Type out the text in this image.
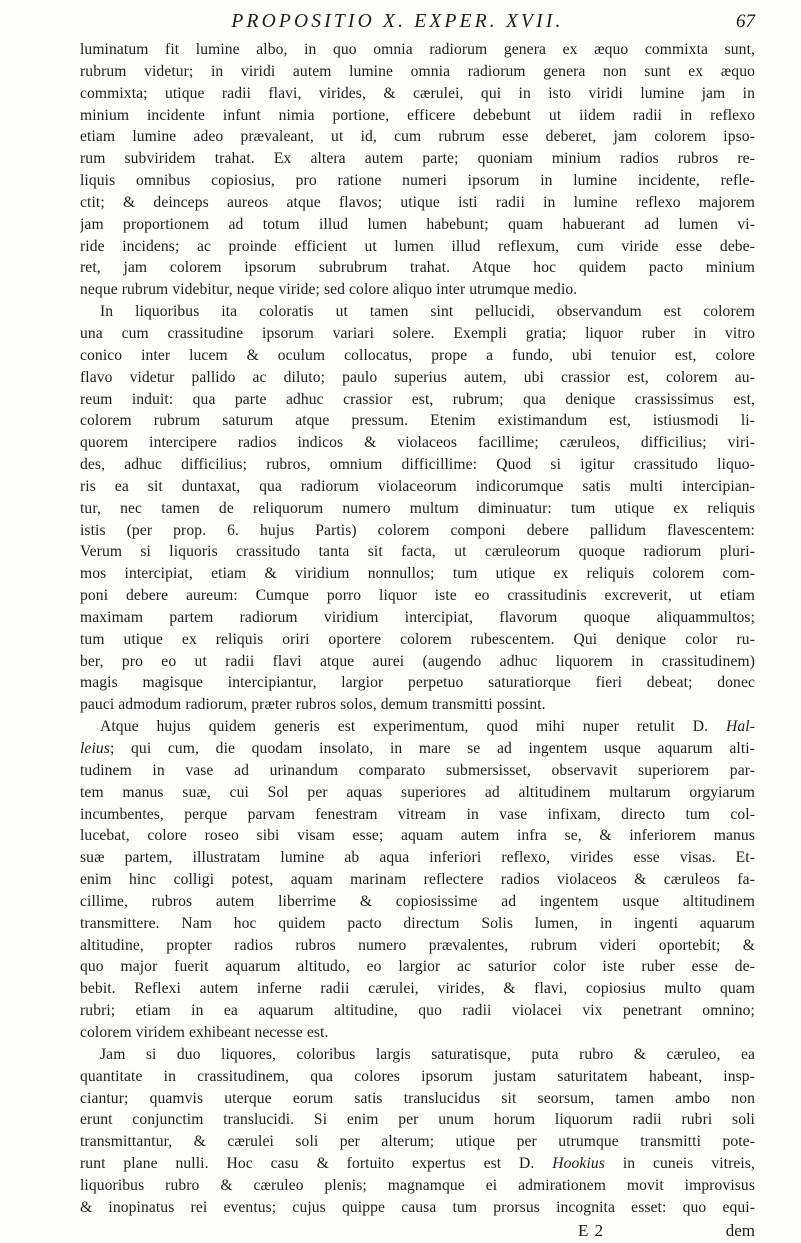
PROPOSITIO X. EXPER. XVII.	67
luminatum fit lumine albo, in quo omnia radiorum genera ex æquo commixta sunt,
rubrum videtur; in viridi autem lumine omnia radiorum genera non sunt ex æquo
commixta; utique radii flavi, virides, & cærulei, qui in isto viridi lumine jam in
minium incidente infunt nimia portione, efficere debebunt ut iidem radii in reflexo
etiam lumine adeo prævaleant, ut id, cum rubrum esse deberet, jam colorem ipso-
rum subviridem trahat. Ex altera autem parte; quoniam minium radios rubros re-
liquis omnibus copiosius, pro ratione numeri ipsorum in lumine incidente, refle-
ctit; & deinceps aureos atque flavos; utique isti radii in lumine reflexo majorem
jam proportionem ad totum illud lumen habebunt; quam habuerant ad lumen vi-
ride incidens; ac proinde efficient ut lumen illud reflexum, cum viride esse debe-
ret, jam colorem ipsorum subrubrum trahat. Atque hoc quidem pacto minium
neque rubrum videbitur, neque viride; sed colore aliquo inter utrumque medio.
In liquoribus ita coloratis ut tamen sint pellucidi, observandum est colorem
una cum crassitudine ipsorum variari solere. Exempli gratia; liquor ruber in vitro
conico inter lucem & oculum collocatus, prope a fundo, ubi tenuior est, colore
flavo videtur pallido ac diluto; paulo superius autem, ubi crassior est, colorem au-
reum induit: qua parte adhuc crassior est, rubrum; qua denique crassissimus est,
colorem rubrum saturum atque pressum. Etenim existimandum est, istiusmodi li-
quorem intercipere radios indicos & violaceos facillime; cæruleos, difficilius; viri-
des, adhuc difficilius; rubros, omnium difficillime: Quod si igitur crassitudo liquo-
ris ea sit duntaxat, qua radiorum violaceorum indicorumque satis multi intercipian-
tur, nec tamen de reliquorum numero multum diminuatur: tum utique ex reliquis
istis (per prop. 6. hujus Partis) colorem componi debere pallidum flavescentem:
Verum si liquoris crassitudo tanta sit facta, ut cæruleorum quoque radiorum pluri-
mos intercipiat, etiam & viridium nonnullos; tum utique ex reliquis colorem com-
poni debere aureum: Cumque porro liquor iste eo crassitudinis excreverit, ut etiam
maximam partem radiorum viridium intercipiat, flavorum quoque aliquammultos;
tum utique ex reliquis oriri oportere colorem rubescentem. Qui denique color ru-
ber, pro eo ut radii flavi atque aurei (augendo adhuc liquorem in crassitudinem)
magis magisque intercipiantur, largior perpetuo saturatiorque fieri debeat; donec
pauci admodum radiorum, præter rubros solos, demum transmitti possint.
Atque hujus quidem generis est experimentum, quod mihi nuper retulit D. Hal-
leius; qui cum, die quodam insolato, in mare se ad ingentem usque aquarum alti-
tudinem in vase ad urinandum comparato submersisset, observavit superiorem par-
tem manus suæ, cui Sol per aquas superiores ad altitudinem multarum orgyiarum
incumbentes, perque parvam fenestram vitream in vase infixam, directo tum col-
lucebat, colore roseo sibi visam esse; aquam autem infra se, & inferiorem manus
suæ partem, illustratam lumine ab aqua inferiori reflexo, virides esse visas. Et-
enim hinc colligi potest, aquam marinam reflectere radios violaceos & cæruleos fa-
cillime, rubros autem liberrime & copiosissime ad ingentem usque altitudinem
transmittere. Nam hoc quidem pacto directum Solis lumen, in ingenti aquarum
altitudine, propter radios rubros numero prævalentes, rubrum videri oportebit; &
quo major fuerit aquarum altitudo, eo largior ac saturior color iste ruber esse de-
bebit. Reflexi autem inferne radii cærulei, virides, & flavi, copiosius multo quam
rubri; etiam in ea aquarum altitudine, quo radii violacei vix penetrant omnino;
colorem viridem exhibeant necesse est.
Jam si duo liquores, coloribus largis saturatisque, puta rubro & cæruleo, ea
quantitate in crassitudinem, qua colores ipsorum justam saturitatem habeant, insp-
ciantur; quamvis uterque eorum satis translucidus sit seorsum, tamen ambo non
erunt conjunctim translucidi. Si enim per unum horum liquorum radii rubri soli
transmittantur, & cærulei soli per alterum; utique per utrumque transmitti pote-
runt plane nulli. Hoc casu & fortuito expertus est D. Hookius in cuneis vitreis,
liquoribus rubro & cæruleo plenis; magnamque ei admirationem movit improvisus
& inopinatus rei eventus; cujus quippe causa tum prorsus incognita esset: quo equi-
E 2	dem
